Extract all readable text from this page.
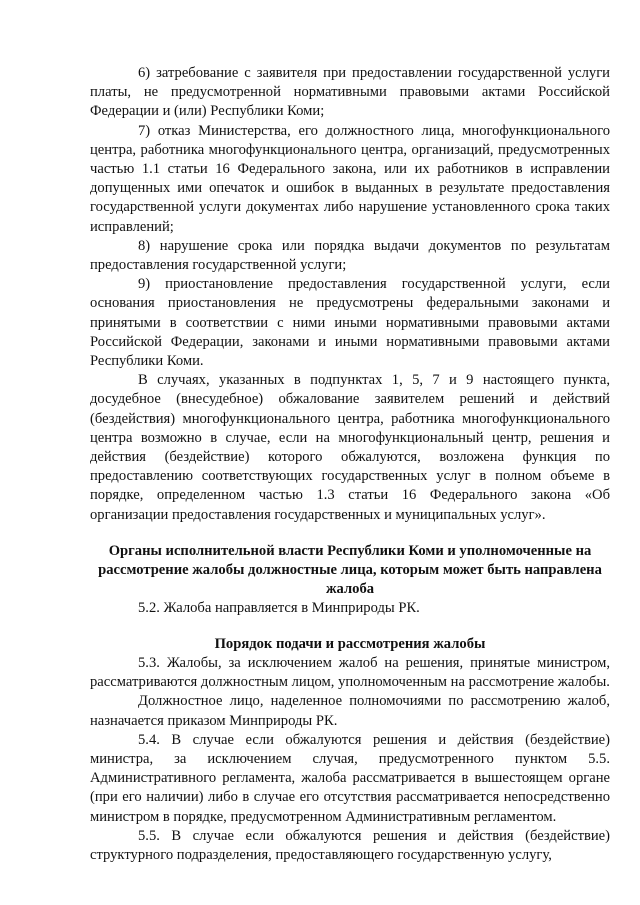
6) затребование с заявителя при предоставлении государственной услуги платы, не предусмотренной нормативными правовыми актами Российской Федерации и (или) Республики Коми;

7) отказ Министерства, его должностного лица, многофункционального центра, работника многофункционального центра, организаций, предусмотренных частью 1.1 статьи 16 Федерального закона, или их работников в исправлении допущенных ими опечаток и ошибок в выданных в результате предоставления государственной услуги документах либо нарушение установленного срока таких исправлений;

8) нарушение срока или порядка выдачи документов по результатам предоставления государственной услуги;

9) приостановление предоставления государственной услуги, если основания приостановления не предусмотрены федеральными законами и принятыми в соответствии с ними иными нормативными правовыми актами Российской Федерации, законами и иными нормативными правовыми актами Республики Коми.

В случаях, указанных в подпунктах 1, 5, 7 и 9 настоящего пункта, досудебное (внесудебное) обжалование заявителем решений и действий (бездействия) многофункционального центра, работника многофункционального центра возможно в случае, если на многофункциональный центр, решения и действия (бездействие) которого обжалуются, возложена функция по предоставлению соответствующих государственных услуг в полном объеме в порядке, определенном частью 1.3 статьи 16 Федерального закона «Об организации предоставления государственных и муниципальных услуг».

Органы исполнительной власти Республики Коми и уполномоченные на рассмотрение жалобы должностные лица, которым может быть направлена жалоба

5.2. Жалоба направляется в Минприроды РК.

Порядок подачи и рассмотрения жалобы

5.3. Жалобы, за исключением жалоб на решения, принятые министром, рассматриваются должностным лицом, уполномоченным на рассмотрение жалобы.

Должностное лицо, наделенное полномочиями по рассмотрению жалоб, назначается приказом Минприроды РК.

5.4. В случае если обжалуются решения и действия (бездействие) министра, за исключением случая, предусмотренного пунктом 5.5. Административного регламента, жалоба рассматривается в вышестоящем органе (при его наличии) либо в случае его отсутствия рассматривается непосредственно министром в порядке, предусмотренном Административным регламентом.

5.5. В случае если обжалуются решения и действия (бездействие) структурного подразделения, предоставляющего государственную услугу,
